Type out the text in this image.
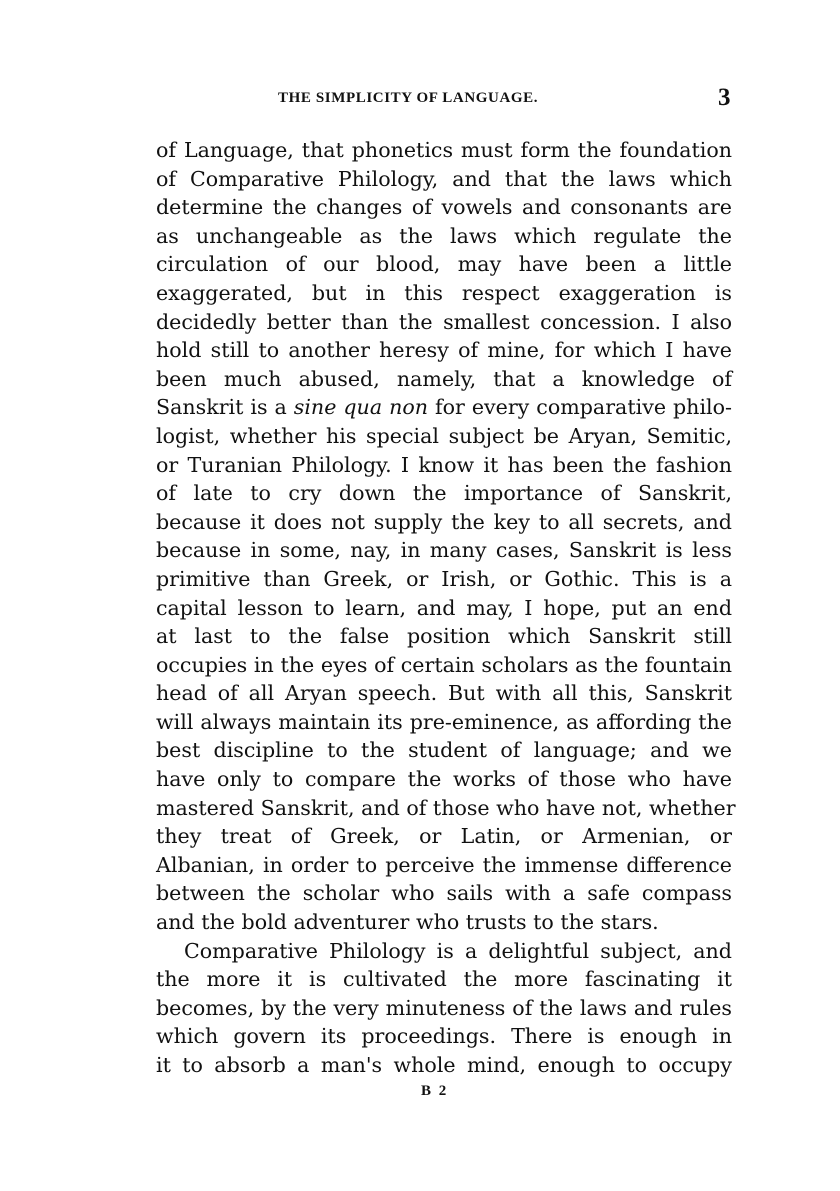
THE SIMPLICITY OF LANGUAGE.	3
of Language, that phonetics must form the foundation
of Comparative Philology, and that the laws which
determine the changes of vowels and consonants are
as unchangeable as the laws which regulate the
circulation of our blood, may have been a little
exaggerated, but in this respect exaggeration is
decidedly better than the smallest concession. I also
hold still to another heresy of mine, for which I have
been much abused, namely, that a knowledge of
Sanskrit is a sine qua non for every comparative philo-
logist, whether his special subject be Aryan, Semitic,
or Turanian Philology. I know it has been the fashion
of late to cry down the importance of Sanskrit,
because it does not supply the key to all secrets, and
because in some, nay, in many cases, Sanskrit is less
primitive than Greek, or Irish, or Gothic. This is a
capital lesson to learn, and may, I hope, put an end
at last to the false position which Sanskrit still
occupies in the eyes of certain scholars as the fountain
head of all Aryan speech. But with all this, Sanskrit
will always maintain its pre-eminence, as affording the
best discipline to the student of language; and we
have only to compare the works of those who have
mastered Sanskrit, and of those who have not, whether
they treat of Greek, or Latin, or Armenian, or
Albanian, in order to perceive the immense difference
between the scholar who sails with a safe compass
and the bold adventurer who trusts to the stars.
Comparative Philology is a delightful subject, and
the more it is cultivated the more fascinating it
becomes, by the very minuteness of the laws and rules
which govern its proceedings. There is enough in
it to absorb a man's whole mind, enough to occupy
B 2
